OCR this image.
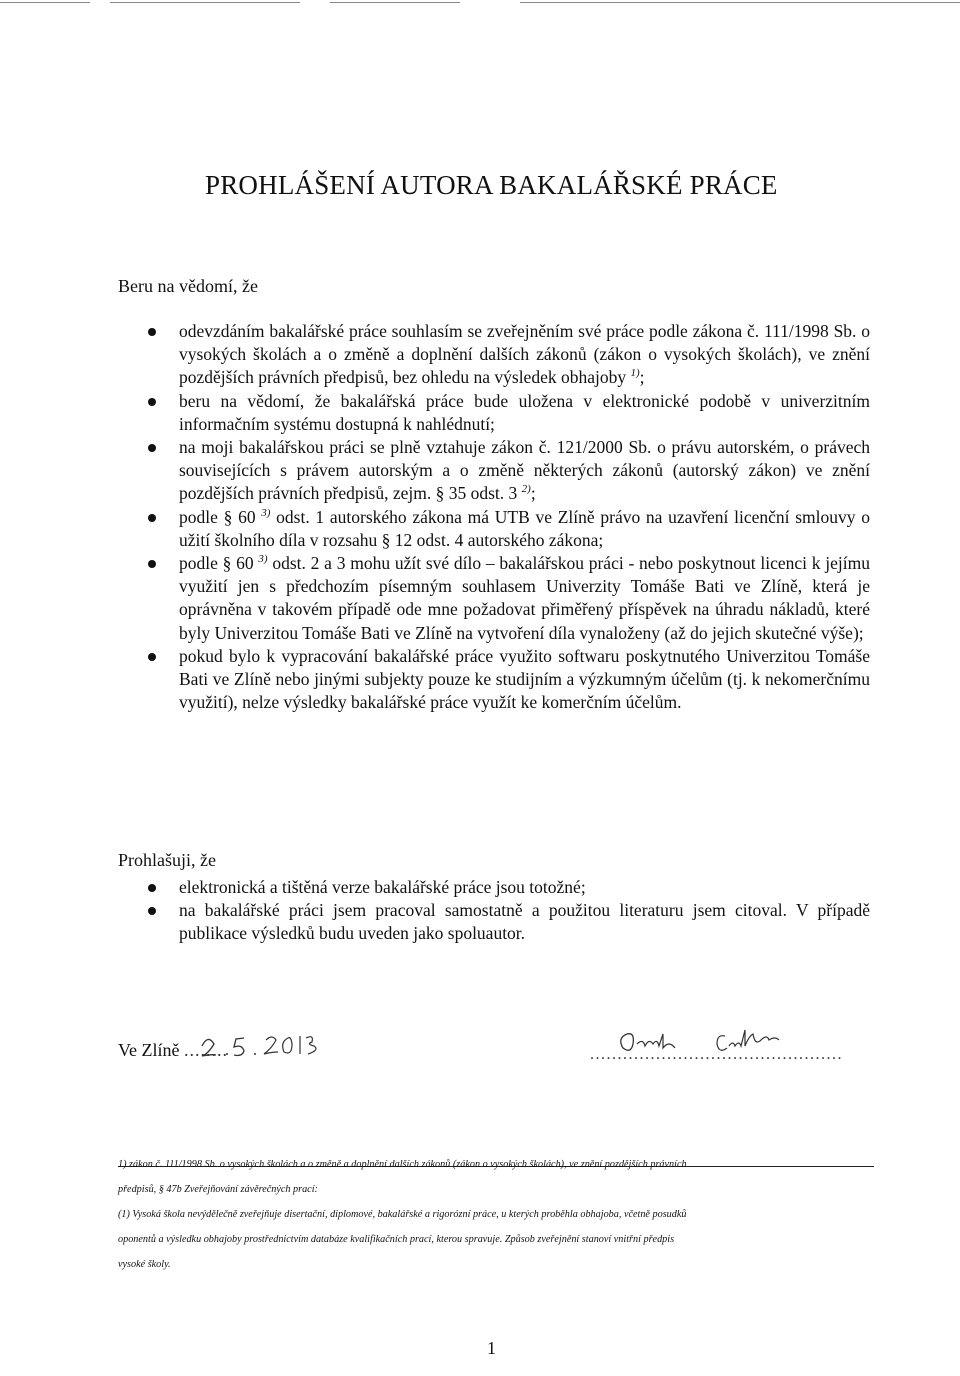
PROHLÁŠENÍ AUTORA BAKALÁŘSKÉ PRÁCE

Beru na vědomí, že

odevzdáním bakalářské práce souhlasím se zveřejněním své práce podle zákona č. 111/1998 Sb. o vysokých školách a o změně a doplnění dalších zákonů (zákon o vysokých školách), ve znění pozdějších právních předpisů, bez ohledu na výsledek obhajoby $^{1)}$;
beru na vědomí, že bakalářská práce bude uložena v elektronické podobě v univerzitním informačním systému dostupná k nahlédnutí;
na moji bakalářskou práci se plně vztahuje zákon č. 121/2000 Sb. o právu autorském, o právech souvisejících s právem autorským a o změně některých zákonů (autorský zákon) ve znění pozdějších právních předpisů, zejm. § 35 odst. 3 $^{2)}$;
podle § 60 $^{3)}$ odst. 1 autorského zákona má UTB ve Zlíně právo na uzavření licenční smlouvy o užití školního díla v rozsahu § 12 odst. 4 autorského zákona;
podle § 60 $^{3)}$ odst. 2 a 3 mohu užít své dílo – bakalářskou práci - nebo poskytnout licenci k jejímu využití jen s předchozím písemným souhlasem Univerzity Tomáše Bati ve Zlíně, která je oprávněna v takovém případě ode mne požadovat přiměřený příspěvek na úhradu nákladů, které byly Univerzitou Tomáše Bati ve Zlíně na vytvoření díla vynaloženy (až do jejich skutečné výše);
pokud bylo k vypracování bakalářské práce využito softwaru poskytnutého Univerzitou Tomáše Bati ve Zlíně nebo jinými subjekty pouze ke studijním a výzkumným účelům (tj. k nekomerčnímu využití), nelze výsledky bakalářské práce využít ke komerčním účelům.

Prohlašuji, že

elektronická a tištěná verze bakalářské práce jsou totožné;
na bakalářské práci jsem pracoval samostatně a použitou literaturu jsem citoval. V případě publikace výsledků budu uveden jako spoluautor.
Ve Zlíně ........	..............................................
1) zákon č. 111/1998 Sb. o vysokých školách a o změně a doplnění dalších zákonů (zákon o vysokých školách), ve znění pozdějších právních
předpisů, § 47b Zveřejňování závěrečných prací:
(1) Vysoká škola nevýdělečně zveřejňuje disertační, diplomové, bakalářské a rigorózní práce, u kterých proběhla obhajoba, včetně posudků
oponentů a výsledku obhajoby prostřednictvím databáze kvalifikačních prací, kterou spravuje. Způsob zveřejnění stanoví vnitřní předpis
vysoké školy.
1
